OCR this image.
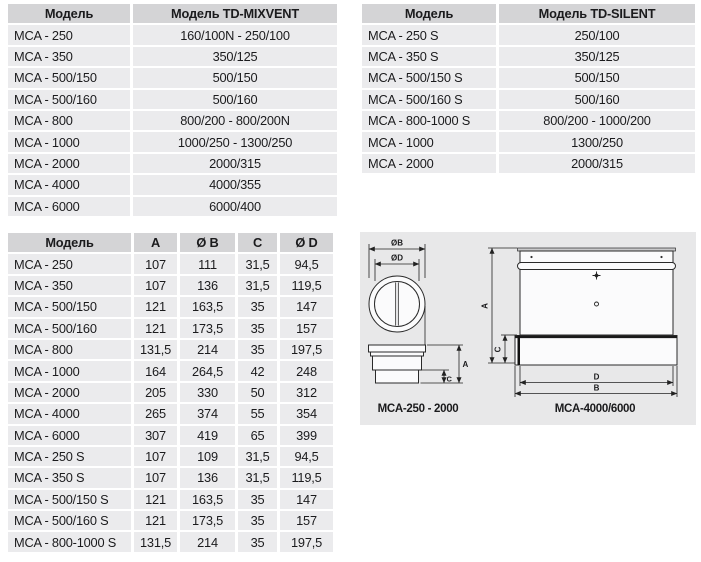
Модель	Модель TD-MIXVENT
MCA - 250	160/100N - 250/100
MCA - 350	350/125
MCA - 500/150	500/150
MCA - 500/160	500/160
MCA - 800	800/200 - 800/200N
MCA - 1000	1000/250 - 1300/250
MCA - 2000	2000/315
MCA - 4000	4000/355
MCA - 6000	6000/400
Модель	Модель TD-SILENT
MCA - 250 S	250/100
MCA - 350 S	350/125
MCA - 500/150 S	500/150
MCA - 500/160 S	500/160
MCA - 800-1000 S	800/200 - 1000/200
MCA - 1000	1300/250
MCA - 2000	2000/315
Модель	A	Ø B	C	Ø D
MCA - 250	107	111	31,5	94,5
MCA - 350	107	136	31,5	119,5
MCA - 500/150	121	163,5	35	147
MCA - 500/160	121	173,5	35	157
MCA - 800	131,5	214	35	197,5
MCA - 1000	164	264,5	42	248
MCA - 2000	205	330	50	312
MCA - 4000	265	374	55	354
MCA - 6000	307	419	65	399
MCA - 250 S	107	109	31,5	94,5
MCA - 350 S	107	136	31,5	119,5
MCA - 500/150 S	121	163,5	35	147
MCA - 500/160 S	121	173,5	35	157
MCA - 800-1000 S	131,5	214	35	197,5
ØB
ØD
A
C
MCA-250 - 2000
A
C
D
B
MCA-4000/6000
